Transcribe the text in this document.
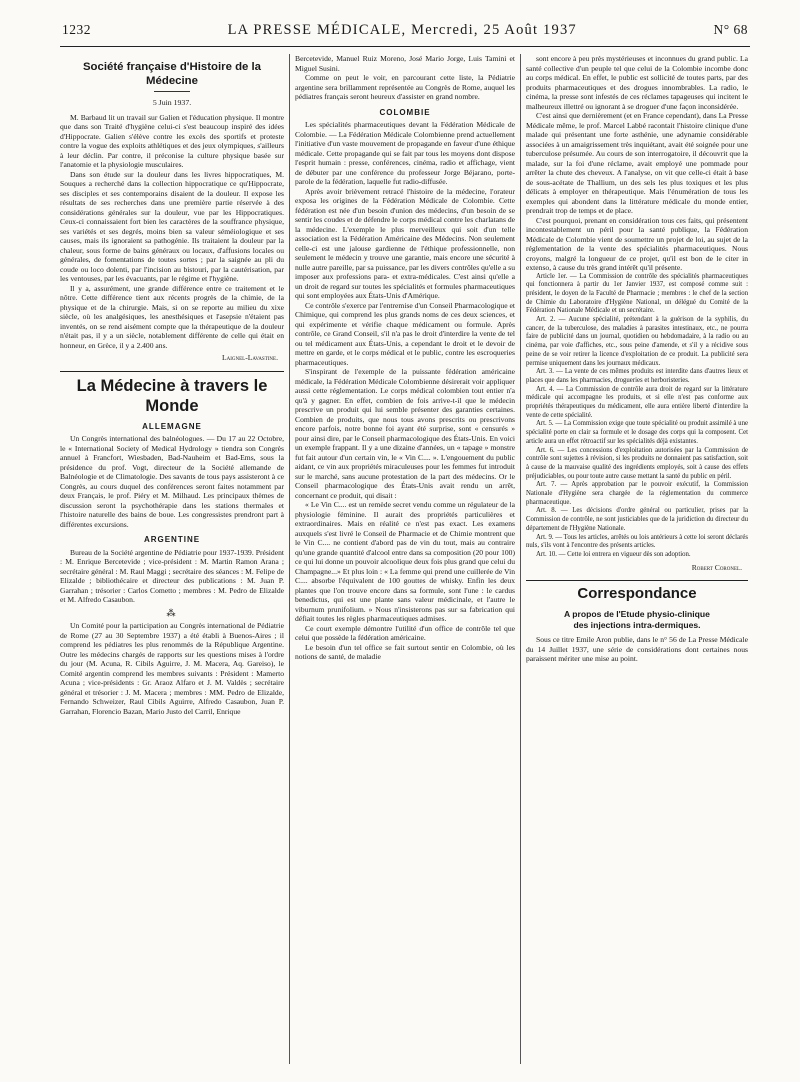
1232	LA PRESSE MÉDICALE, Mercredi, 25 Août 1937	N° 68
Société française d'Histoire de la Médecine
5 Juin 1937.

M. Barbaud lit un travail sur Galien et l'éducation physique. Il montre que dans son Traité d'hygiène celui-ci s'est beaucoup inspiré des idées d'Hippocrate. Galien s'élève contre les excès des sportifs et proteste contre la vogue des exploits athlétiques et des jeux olympiques, s'ailleurs à leur déclin. Par contre, il préconise la culture physique basée sur l'anatomie et la physiologie musculaires.

Dans son étude sur la douleur dans les livres hippocratiques, M. Souques a recherché dans la collection hippocratique ce qu'Hippocrate, ses disciples et ses contemporains disaient de la douleur. Il expose les résultats de ses recherches dans une première partie réservée à des considérations générales sur la douleur, vue par les Hippocratiques. Ceux-ci connaissaient fort bien les caractères de la souffrance physique, ses variétés et ses degrés, moins bien sa valeur séméiologique et ses causes, mais ils ignoraient sa pathogénie. Ils traitaient la douleur par la chaleur, sous forme de bains généraux ou locaux, d'affusions locales ou générales, de fomentations de toutes sortes ; par la saignée au pli du coude ou loco dolenti, par l'incision au bistouri, par la cautérisation, par les ventouses, par les évacuants, par le régime et l'hygiène.

Il y a, assurément, une grande différence entre ce traitement et le nôtre. Cette différence tient aux récents progrès de la chimie, de la physique et de la chirurgie. Mais, si on se reporte au milieu du xixe siècle, où les analgésiques, les anesthésiques et l'asepsie n'étaient pas inventés, on se rend aisément compte que la thérapeutique de la douleur n'était pas, il y a un siècle, notablement différente de celle qui était en honneur, en Grèce, il y a 2.400 ans.

Laignel-Lavastine.
La Médecine à travers le Monde
ALLEMAGNE

Un Congrès international des balnéologues. — Du 17 au 22 Octobre, le « International Society of Medical Hydrology » tiendra son Congrès annuel à Francfort, Wiesbaden, Bad-Nauheim et Bad-Ems, sous la présidence du prof. Vogt, directeur de la Société allemande de Balnéologie et de Climatologie. Des savants de tous pays assisteront à ce Congrès, au cours duquel des conférences seront faites notamment par deux Français, le prof. Piéry et M. Milhaud. Les principaux thèmes de discussion seront la psychothérapie dans les stations thermales et l'histoire naturelle des bains de boue. Les congressistes prendront part à différentes excursions.

ARGENTINE

Bureau de la Société argentine de Pédiatrie pour 1937-1939. Président : M. Enrique Bercetevide ; vice-président : M. Martin Ramon Arana ; secrétaire général : M. Raul Maggi ; secrétaire des séances : M. Felipe de Elizalde ; bibliothécaire et directeur des publications : M. Juan P. Garrahan ; trésorier : Carlos Cometto ; membres : M. Pedro de Elizalde et M. Alfredo Casaubon.

⁂

Un Comité pour la participation au Congrès international de Pédiatrie de Rome (27 au 30 Septembre 1937) a été établi à Buenos-Aires ; il comprend les pédiatres les plus renommés de la République Argentine. Outre les médecins chargés de rapports sur les questions mises à l'ordre du jour (M. Acuna, R. Cibils Aguirre, J. M. Macera, Aq. Gareiso), le Comité argentin comprend les membres suivants : Président : Mamerto Acuna ; vice-présidents : Gr. Araoz Alfaro et J. M. Valdès ; secrétaire général et trésorier : J. M. Macera ; membres : MM. Pedro de Elizalde, Fernando Schweizer, Raul Cibils Aguirre, Alfredo Casaubon, Juan P. Garrahan, Florencio Bazan, Mario Justo del Carril, Enrique

Bercetevide, Manuel Ruiz Moreno, José Mario Jorge, Luis Tamini et Miguel Susini.

Comme on peut le voir, en parcourant cette liste, la Pédiatrie argentine sera brillamment représentée au Congrès de Rome, auquel les pédiatres français seront heureux d'assister en grand nombre.

COLOMBIE

Les spécialités pharmaceutiques devant la Fédération Médicale de Colombie. — La Fédération Médicale Colombienne prend actuellement l'initiative d'un vaste mouvement de propagande en faveur d'une éthique médicale. Cette propagande qui se fait par tous les moyens dont dispose l'esprit humain : presse, conférences, cinéma, radio et affichage, vient de débuter par une conférence du professeur Jorge Béjarano, porte-parole de la fédération, laquelle fut radio-diffusée.

Après avoir brièvement retracé l'histoire de la médecine, l'orateur exposa les origines de la Fédération Médicale de Colombie. Cette fédération est née d'un besoin d'union des médecins, d'un besoin de se sentir les coudes et de défendre le corps médical contre les charlatans de la médecine. L'exemple le plus merveilleux qui soit d'un telle association est la Fédération Américaine des Médecins. Non seulement celle-ci est une jalouse gardienne de l'éthique professionnelle, non seulement le médecin y trouve une garantie, mais encore une sécurité à nulle autre pareille, par sa puissance, par les divers contrôles qu'elle a su imposer aux professions para- et extra-médicales. C'est ainsi qu'elle a un droit de regard sur toutes les spécialités et formules pharmaceutiques qui sont employées aux États-Unis d'Amérique.

Ce contrôle s'exerce par l'entremise d'un Conseil Pharmacologique et Chimique, qui comprend les plus grands noms de ces deux sciences, et qui expérimente et vérifie chaque médicament ou formule. Après contrôle, ce Grand Conseil, s'il n'a pas le droit d'interdire la vente de tel ou tel médicament aux États-Unis, a cependant le droit et le devoir de mettre en garde, et le corps médical et le public, contre les escroqueries pharmaceutiques.

S'inspirant de l'exemple de la puissante fédération américaine médicale, la Fédération Médicale Colombienne désirerait voir appliquer aussi cette réglementation. Le corps médical colombien tout entier n'a qu'à y gagner. En effet, combien de fois arrive-t-il que le médecin prescrive un produit qui lui semble présenter des garanties certaines. Combien de produits, que nous tous avons prescrits ou prescrivons encore parfois, notre bonne foi ayant été surprise, sont « censurés » pour ainsi dire, par le Conseil pharmacologique des États-Unis. En voici un exemple frappant. Il y a une dizaine d'années, un « tapage » monstre fut fait autour d'un certain vin, le « Vin C.... ». L'engouement du public aidant, ce vin aux propriétés miraculeuses pour les femmes fut introduit sur le marché, sans aucune protestation de la part des médecins. Or le Conseil pharmacologique des États-Unis avait rendu un arrêt, concernant ce produit, qui disait :

« Le Vin C.... est un remède secret vendu comme un régulateur de la physiologie féminine. Il aurait des propriétés particulières et extraordinaires. Mais en réalité ce n'est pas exact. Les examens auxquels s'est livré le Conseil de Pharmacie et de Chimie montrent que le Vin C.... ne contient d'abord pas de vin du tout, mais au contraire qu'une grande quantité d'alcool entre dans sa composition (20 pour 100) ce qui lui donne un pouvoir alcoolique deux fois plus grand que celui du Champagne...» Et plus loin : « La femme qui prend une cuillerée de Vin C.... absorbe l'équivalent de 100 gouttes de whisky. Enfin les deux plantes que l'on trouve encore dans sa formule, sont l'une : le cardus benedictus, qui est une plante sans valeur médicinale, et l'autre le viburnum prunifolium. » Nous n'insisterons pas sur sa fabrication qui défiait toutes les règles pharmaceutiques admises.

Ce court exemple démontre l'utilité d'un office de contrôle tel que celui que possède la fédération américaine.

Le besoin d'un tel office se fait surtout sentir en Colombie, où les notions de santé, de maladie

sont encore à peu près mystérieuses et inconnues du grand public. La santé collective d'un peuple tel que celui de la Colombie incombe donc au corps médical. En effet, le public est sollicité de toutes parts, par des produits pharmaceutiques et des drogues innombrables. La radio, le cinéma, la presse sont infestés de ces réclames tapageuses qui incitent le malheureux illettré ou ignorant à se droguer d'une façon inconsidérée.

C'est ainsi que dernièrement (et en France cependant), dans La Presse Médicale même, le prof. Marcel Labbé racontait l'histoire clinique d'une malade qui présentant une forte asthénie, une adynamie considérable associées à un amaigrissement très inquiétant, avait été soignée pour une tuberculose présumée. Au cours de son interrogatoire, il découvrit que la malade, sur la foi d'une réclame, avait employé une pommade pour arrêter la chute des cheveux. A l'analyse, on vit que celle-ci était à base de sous-acétate de Thallium, un des sels les plus toxiques et les plus délicats à employer en thérapeutique. Mais l'énumération de tous les exemples qui abondent dans la littérature médicale du monde entier, prendrait trop de temps et de place.

C'est pourquoi, prenant en considération tous ces faits, qui présentent incontestablement un péril pour la santé publique, la Fédération Médicale de Colombie vient de soumettre un projet de loi, au sujet de la réglementation de la vente des spécialités pharmaceutiques. Nous croyons, malgré la longueur de ce projet, qu'il est bon de le citer in extenso, à cause du très grand intérêt qu'il présente.

Article 1er. — La Commission de contrôle des spécialités pharmaceutiques qui fonctionnera à partir du 1er Janvier 1937, est composé comme suit : président, le doyen de la Faculté de Pharmacie ; membres : le chef de la section de Chimie du Laboratoire d'Hygiène National, un délégué du Comité de la Fédération Nationale Médicale et un secrétaire.

Art. 2. — Aucune spécialité, prétendant à la guérison de la syphilis, du cancer, de la tuberculose, des maladies à parasites intestinaux, etc., ne pourra faire de publicité dans un journal, quotidien ou hebdomadaire, à la radio ou au cinéma, par voie d'affiches, etc., sous peine d'amende, et s'il y a récidive sous peine de se voir retirer la licence d'exploitation de ce produit. La publicité sera permise uniquement dans les journaux médicaux.

Art. 3. — La vente de ces mêmes produits est interdite dans d'autres lieux et places que dans les pharmacies, drogueries et herboristeries.

Art. 4. — La Commission de contrôle aura droit de regard sur la littérature médicale qui accompagne les produits, et si elle n'est pas conforme aux propriétés thérapeutiques du médicament, elle aura entière liberté d'interdire la vente de cette spécialité.

Art. 5. — La Commission exige que toute spécialité ou produit assimilé à une spécialité porte en clair sa formule et le dosage des corps qui la composent. Cet article aura un effet rétroactif sur les spécialités déjà existantes.

Art. 6. — Les concessions d'exploitation autorisées par la Commission de contrôle sont sujettes à révision, si les produits ne donnaient pas satisfaction, soit à cause de la mauvaise qualité des ingrédients employés, soit à cause des effets préjudiciables, ou pour toute autre cause mettant la santé du public en péril.

Art. 7. — Après approbation par le pouvoir exécutif, la Commission Nationale d'Hygiène sera chargée de la réglementation du commerce pharmaceutique.

Art. 8. — Les décisions d'ordre général ou particulier, prises par la Commission de contrôle, ne sont justiciables que de la juridiction du directeur du département de l'Hygiène Nationale.

Art. 9. — Tous les articles, arrêtés ou lois antérieurs à cette loi seront déclarés nuls, s'ils vont à l'encontre des présents articles.

Art. 10. — Cette loi entrera en vigueur dès son adoption.

Robert Coronel.
Correspondance
A propos de l'Etude physio-clinique
des injections intra-dermiques.

Sous ce titre Emile Aron publie, dans le n° 56 de La Presse Médicale du 14 Juillet 1937, une série de considérations dont certaines nous paraissent mériter une mise au point.
